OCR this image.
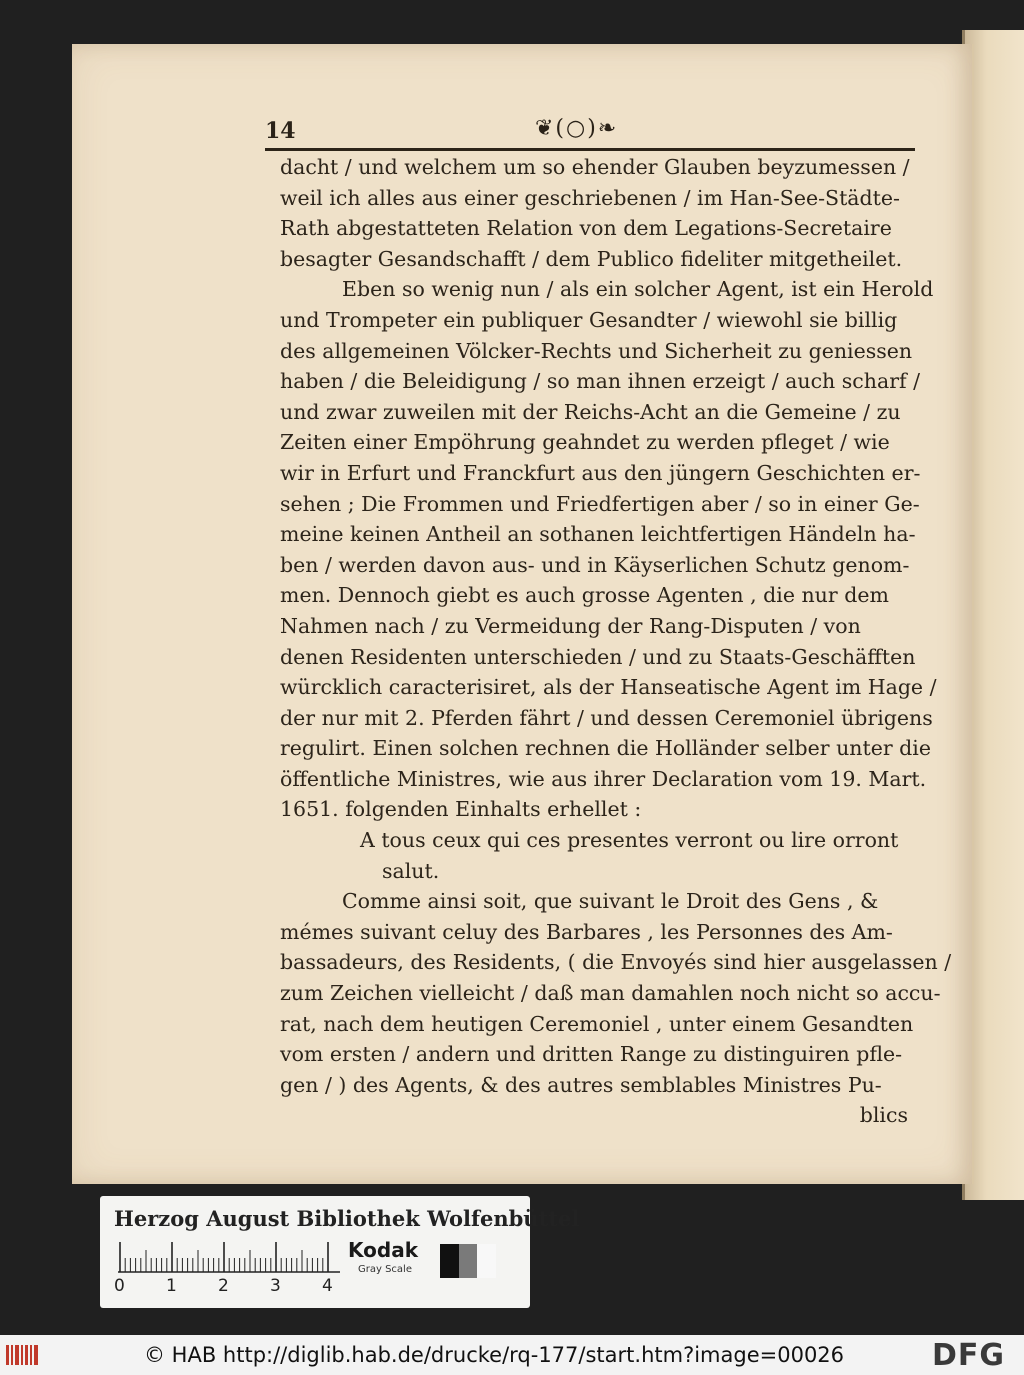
14	❦(○)❧
dacht / und welchem um so ehender Glauben beyzumessen /
weil ich alles aus einer geschriebenen / im Han-See-Städte-
Rath abgestatteten Relation von dem Legations-Secretaire
besagter Gesandschafft / dem Publico fideliter mitgetheilet.
Eben so wenig nun / als ein solcher Agent, ist ein Herold
und Trompeter ein publiquer Gesandter / wiewohl sie billig
des allgemeinen Völcker-Rechts und Sicherheit zu geniessen
haben / die Beleidigung / so man ihnen erzeigt / auch scharf /
und zwar zuweilen mit der Reichs-Acht an die Gemeine / zu
Zeiten einer Empöhrung geahndet zu werden pfleget / wie
wir in Erfurt und Franckfurt aus den jüngern Geschichten er-
sehen ; Die Frommen und Friedfertigen aber / so in einer Ge-
meine keinen Antheil an sothanen leichtfertigen Händeln ha-
ben / werden davon aus- und in Käyserlichen Schutz genom-
men. Dennoch giebt es auch grosse Agenten , die nur dem
Nahmen nach / zu Vermeidung der Rang-Disputen / von
denen Residenten unterschieden / und zu Staats-Geschäfften
würcklich caracterisiret, als der Hanseatische Agent im Hage /
der nur mit 2. Pferden fährt / und dessen Ceremoniel übrigens
regulirt. Einen solchen rechnen die Holländer selber unter die
öffentliche Ministres, wie aus ihrer Declaration vom 19. Mart.
1651. folgenden Einhalts erhellet :
A tous ceux qui ces presentes verront ou lire orront
salut.
Comme ainsi soit, que suivant le Droit des Gens , &
mémes suivant celuy des Barbares , les Personnes des Am-
bassadeurs, des Residents, ( die Envoyés sind hier ausgelassen /
zum Zeichen vielleicht / daß man damahlen noch nicht so accu-
rat, nach dem heutigen Ceremoniel , unter einem Gesandten
vom ersten / andern und dritten Range zu distinguiren pfle-
gen / ) des Agents, & des autres semblables Ministres Pu-
blics
Herzog August Bibliothek Wolfenbüttel
0 1 2 3 4
Kodak
Gray Scale
© HAB http://diglib.hab.de/drucke/rq-177/start.htm?image=00026	DFG
